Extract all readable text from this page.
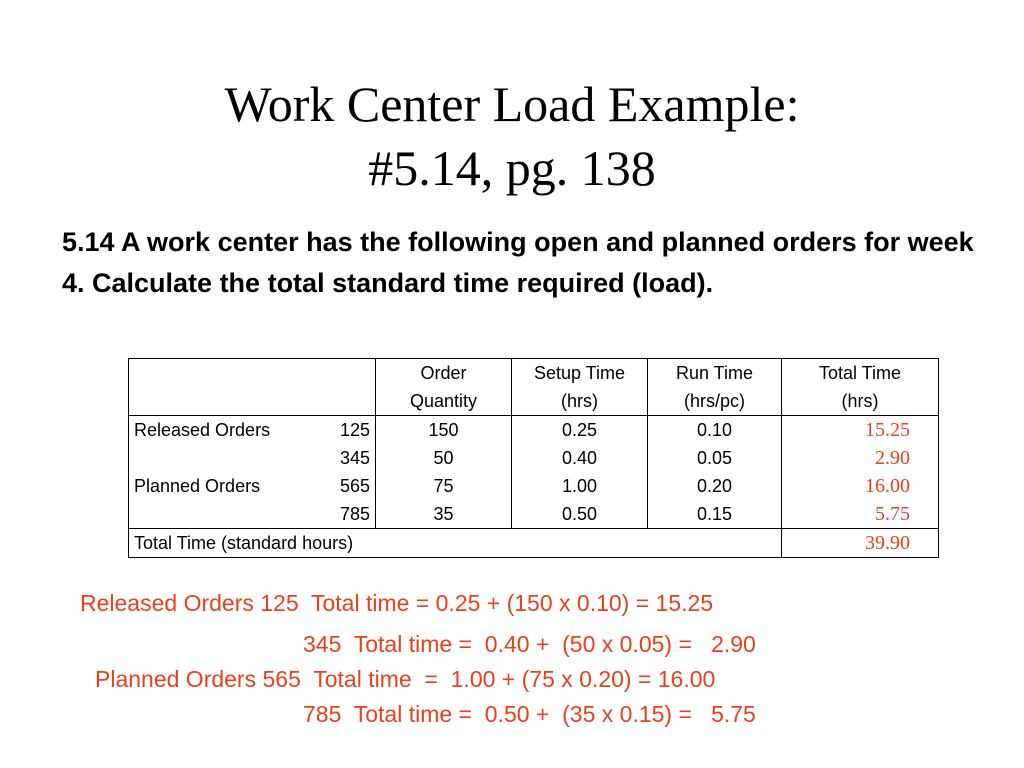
Work Center Load Example:
#5.14, pg. 138
5.14 A work center has the following open and planned orders for week 4. Calculate the total standard time required (load).
	Order	Setup Time	Run Time	Total Time
	Quantity	(hrs)	(hrs/pc)	(hrs)

Released Orders 125	150	0.25	0.10	15.25

345	50	0.40	0.05	2.90

Planned Orders 565	75	1.00	0.20	16.00

785	35	0.50	0.15	5.75
Total Time (standard hours)				39.90
Released Orders 125  Total time = 0.25 + (150 x 0.10) = 15.25
345  Total time =  0.40 +  (50 x 0.05) =   2.90
Planned Orders 565  Total time  =  1.00 + (75 x 0.20) = 16.00
785  Total time =  0.50 +  (35 x 0.15) =   5.75
